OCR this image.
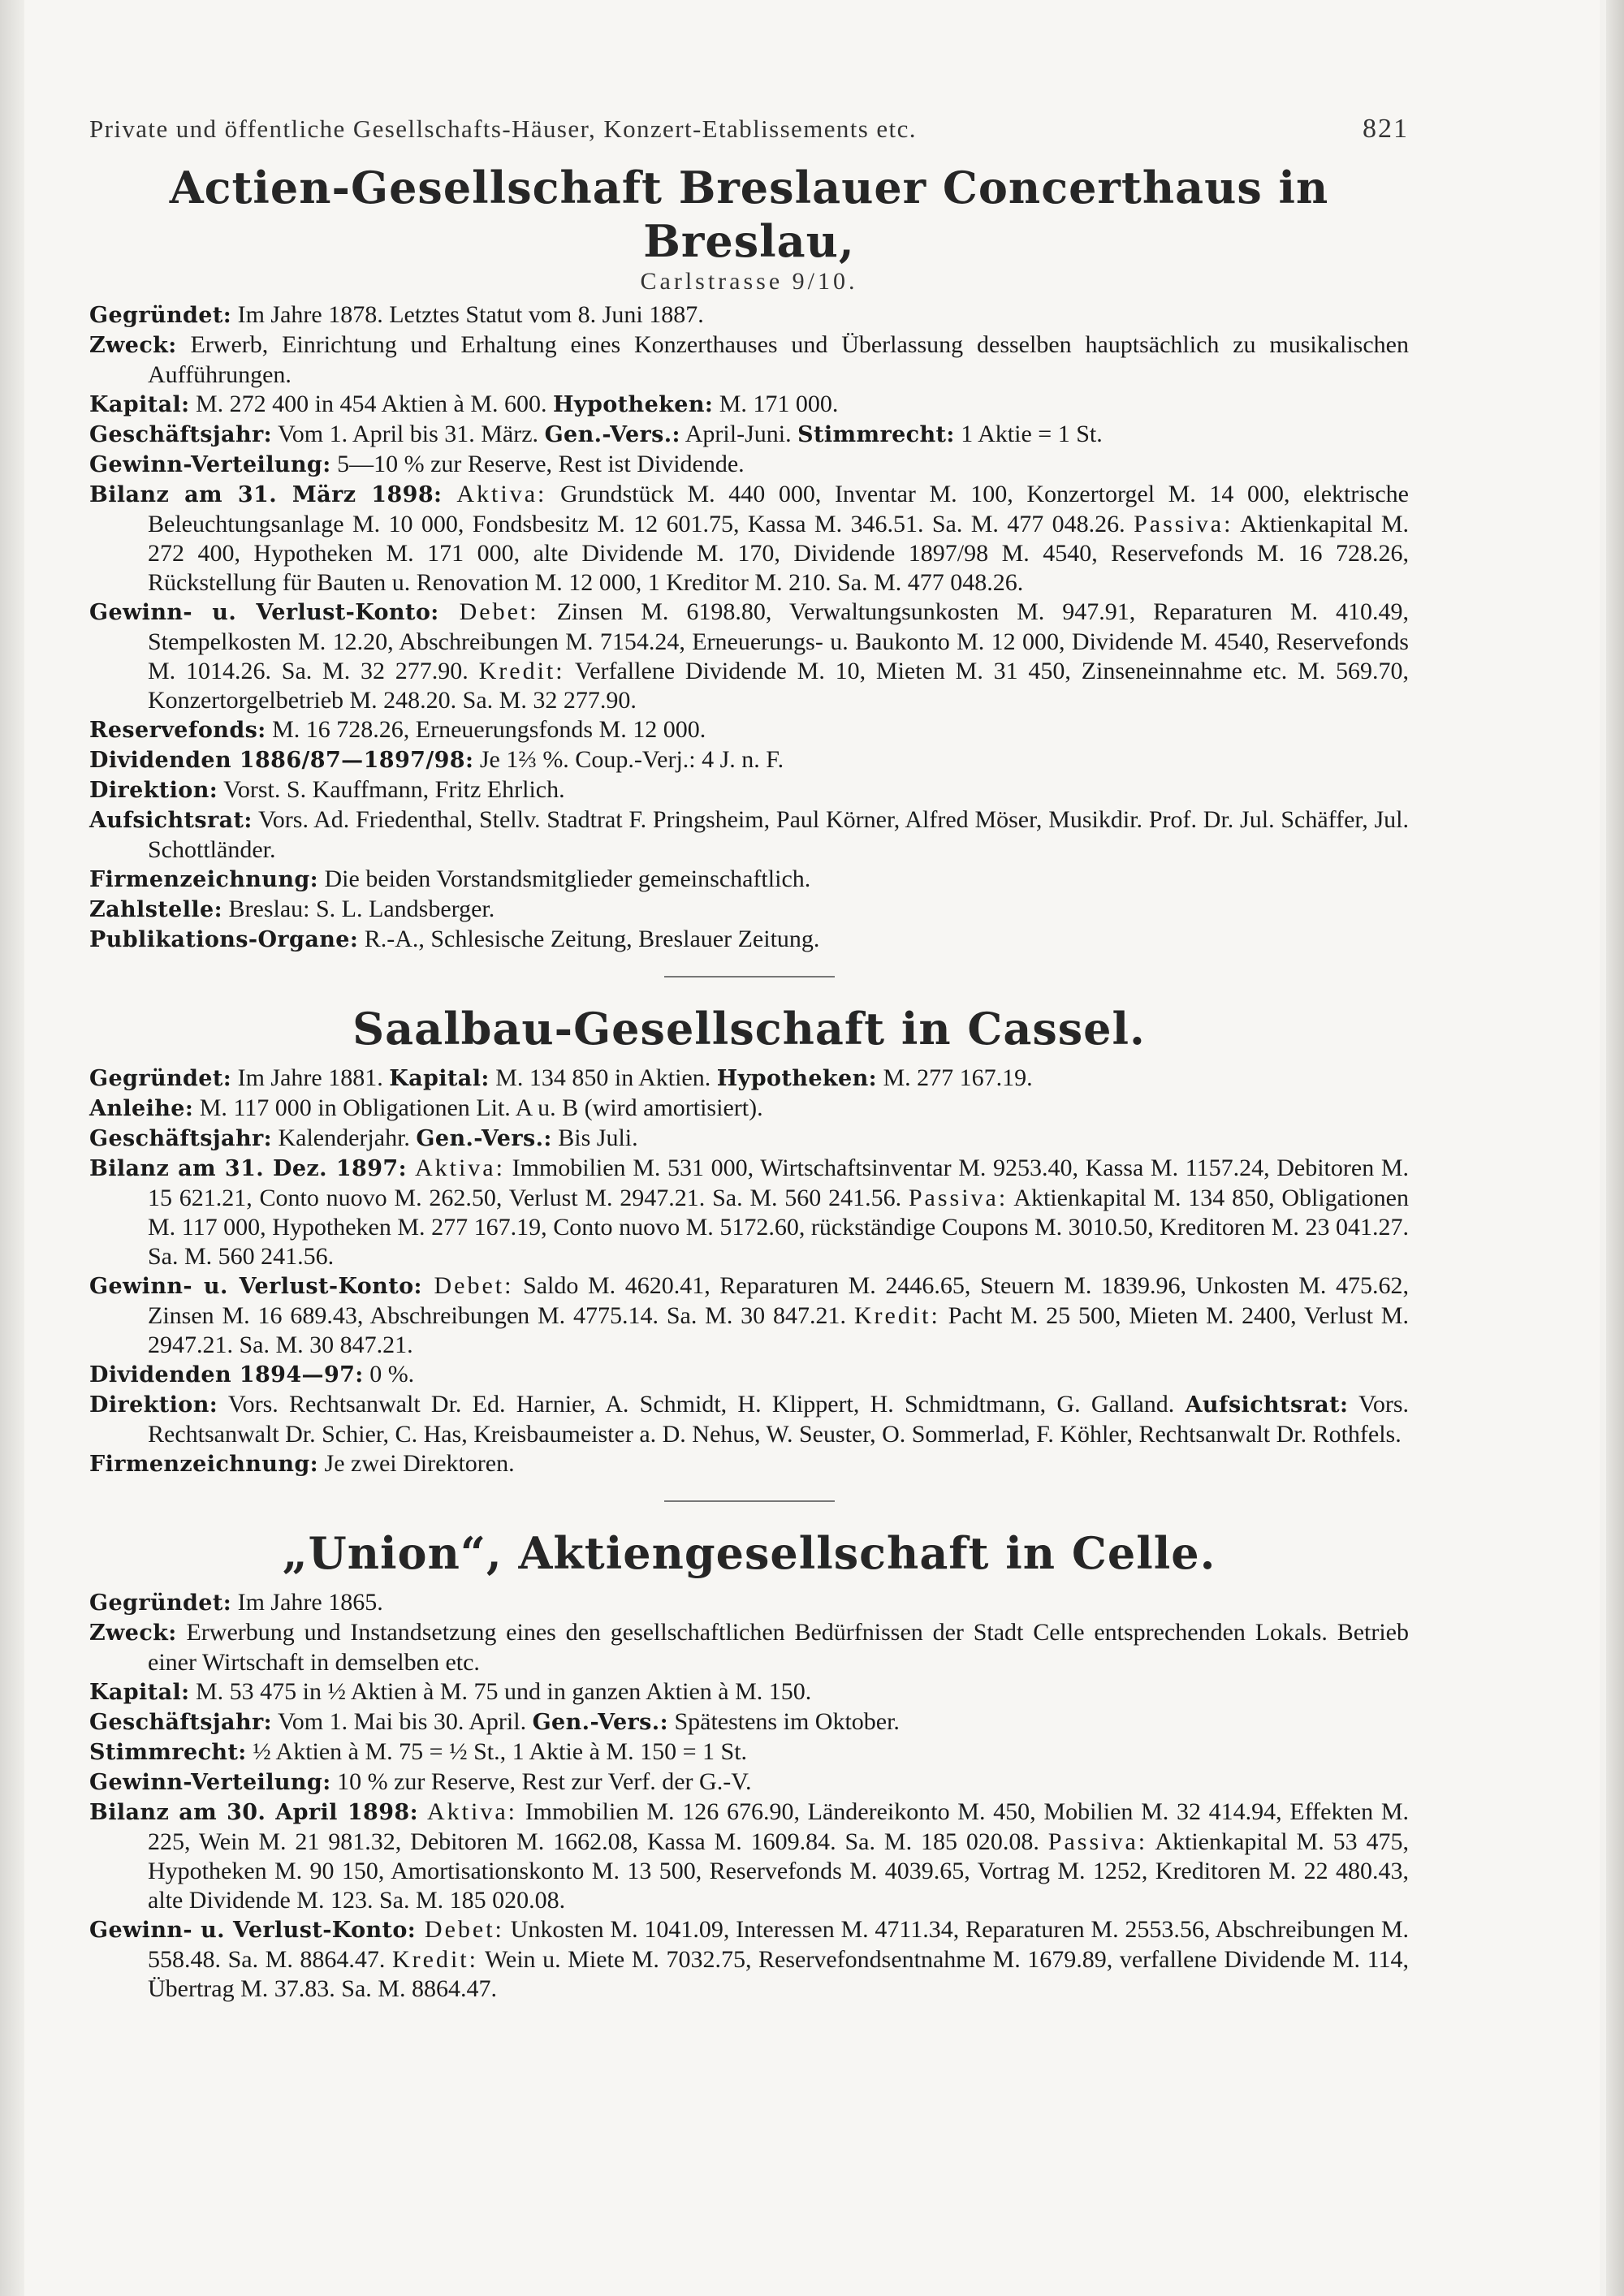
Private und öffentliche Gesellschafts-Häuser, Konzert-Etablissements etc.	821
Actien-Gesellschaft Breslauer Concerthaus in Breslau,

Carlstrasse 9/10.

Gegründet: Im Jahre 1878. Letztes Statut vom 8. Juni 1887.
Zweck: Erwerb, Einrichtung und Erhaltung eines Konzerthauses und Überlassung desselben hauptsächlich zu musikalischen Aufführungen.
Kapital: M. 272 400 in 454 Aktien à M. 600. Hypotheken: M. 171 000.
Geschäftsjahr: Vom 1. April bis 31. März. Gen.-Vers.: April-Juni. Stimmrecht: 1 Aktie = 1 St.
Gewinn-Verteilung: 5—10 % zur Reserve, Rest ist Dividende.
Bilanz am 31. März 1898: Aktiva: Grundstück M. 440 000, Inventar M. 100, Konzertorgel M. 14 000, elektrische Beleuchtungsanlage M. 10 000, Fondsbesitz M. 12 601.75, Kassa M. 346.51. Sa. M. 477 048.26. Passiva: Aktienkapital M. 272 400, Hypotheken M. 171 000, alte Dividende M. 170, Dividende 1897/98 M. 4540, Reservefonds M. 16 728.26, Rückstellung für Bauten u. Renovation M. 12 000, 1 Kreditor M. 210. Sa. M. 477 048.26.
Gewinn- u. Verlust-Konto: Debet: Zinsen M. 6198.80, Verwaltungsunkosten M. 947.91, Reparaturen M. 410.49, Stempelkosten M. 12.20, Abschreibungen M. 7154.24, Erneuerungs- u. Baukonto M. 12 000, Dividende M. 4540, Reservefonds M. 1014.26. Sa. M. 32 277.90. Kredit: Verfallene Dividende M. 10, Mieten M. 31 450, Zinseneinnahme etc. M. 569.70, Konzertorgelbetrieb M. 248.20. Sa. M. 32 277.90.
Reservefonds: M. 16 728.26, Erneuerungsfonds M. 12 000.
Dividenden 1886/87—1897/98: Je 1⅔ %. Coup.-Verj.: 4 J. n. F.
Direktion: Vorst. S. Kauffmann, Fritz Ehrlich.
Aufsichtsrat: Vors. Ad. Friedenthal, Stellv. Stadtrat F. Pringsheim, Paul Körner, Alfred Möser, Musikdir. Prof. Dr. Jul. Schäffer, Jul. Schottländer.
Firmenzeichnung: Die beiden Vorstandsmitglieder gemeinschaftlich.
Zahlstelle: Breslau: S. L. Landsberger.
Publikations-Organe: R.-A., Schlesische Zeitung, Breslauer Zeitung.
Saalbau-Gesellschaft in Cassel.
Gegründet: Im Jahre 1881. Kapital: M. 134 850 in Aktien. Hypotheken: M. 277 167.19.
Anleihe: M. 117 000 in Obligationen Lit. A u. B (wird amortisiert).
Geschäftsjahr: Kalenderjahr. Gen.-Vers.: Bis Juli.
Bilanz am 31. Dez. 1897: Aktiva: Immobilien M. 531 000, Wirtschaftsinventar M. 9253.40, Kassa M. 1157.24, Debitoren M. 15 621.21, Conto nuovo M. 262.50, Verlust M. 2947.21. Sa. M. 560 241.56. Passiva: Aktienkapital M. 134 850, Obligationen M. 117 000, Hypotheken M. 277 167.19, Conto nuovo M. 5172.60, rückständige Coupons M. 3010.50, Kreditoren M. 23 041.27. Sa. M. 560 241.56.
Gewinn- u. Verlust-Konto: Debet: Saldo M. 4620.41, Reparaturen M. 2446.65, Steuern M. 1839.96, Unkosten M. 475.62, Zinsen M. 16 689.43, Abschreibungen M. 4775.14. Sa. M. 30 847.21. Kredit: Pacht M. 25 500, Mieten M. 2400, Verlust M. 2947.21. Sa. M. 30 847.21.
Dividenden 1894—97: 0 %.
Direktion: Vors. Rechtsanwalt Dr. Ed. Harnier, A. Schmidt, H. Klippert, H. Schmidtmann, G. Galland. Aufsichtsrat: Vors. Rechtsanwalt Dr. Schier, C. Has, Kreisbaumeister a. D. Nehus, W. Seuster, O. Sommerlad, F. Köhler, Rechtsanwalt Dr. Rothfels.
Firmenzeichnung: Je zwei Direktoren.
„Union“, Aktiengesellschaft in Celle.
Gegründet: Im Jahre 1865.
Zweck: Erwerbung und Instandsetzung eines den gesellschaftlichen Bedürfnissen der Stadt Celle entsprechenden Lokals. Betrieb einer Wirtschaft in demselben etc.
Kapital: M. 53 475 in ½ Aktien à M. 75 und in ganzen Aktien à M. 150.
Geschäftsjahr: Vom 1. Mai bis 30. April. Gen.-Vers.: Spätestens im Oktober.
Stimmrecht: ½ Aktien à M. 75 = ½ St., 1 Aktie à M. 150 = 1 St.
Gewinn-Verteilung: 10 % zur Reserve, Rest zur Verf. der G.-V.
Bilanz am 30. April 1898: Aktiva: Immobilien M. 126 676.90, Ländereikonto M. 450, Mobilien M. 32 414.94, Effekten M. 225, Wein M. 21 981.32, Debitoren M. 1662.08, Kassa M. 1609.84. Sa. M. 185 020.08. Passiva: Aktienkapital M. 53 475, Hypotheken M. 90 150, Amortisationskonto M. 13 500, Reservefonds M. 4039.65, Vortrag M. 1252, Kreditoren M. 22 480.43, alte Dividende M. 123. Sa. M. 185 020.08.
Gewinn- u. Verlust-Konto: Debet: Unkosten M. 1041.09, Interessen M. 4711.34, Reparaturen M. 2553.56, Abschreibungen M. 558.48. Sa. M. 8864.47. Kredit: Wein u. Miete M. 7032.75, Reservefondsentnahme M. 1679.89, verfallene Dividende M. 114, Übertrag M. 37.83. Sa. M. 8864.47.
